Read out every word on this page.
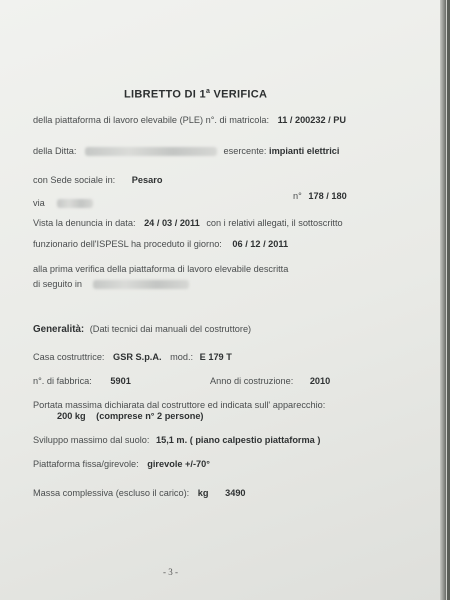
LIBRETTO DI 1$^a$ VERIFICA
della piattaforma di lavoro elevabile (PLE) n°. di matricola: 11 / 200232 / PU
della Ditta:	esercente: impianti elettrici
con Sede sociale in: Pesaro
via
n° 178 / 180
Vista la denuncia in data: 24 / 03 / 2011 con i relativi allegati, il sottoscritto
funzionario dell'ISPESL ha proceduto il giorno: 06 / 12 / 2011
alla prima verifica della piattaforma di lavoro elevabile descritta
di seguito in
Generalità: (Dati tecnici dai manuali del costruttore)
Casa costruttrice: GSR S.p.A. mod.: E 179 T
n°. di fabbrica: 5901	Anno di costruzione: 2010
Portata massima dichiarata dal costruttore ed indicata sull' apparecchio:
200 kg (comprese n° 2 persone)
Sviluppo massimo dal suolo: 15,1 m. ( piano calpestio piattaforma )
Piattaforma fissa/girevole: girevole +/-70°
Massa complessiva (escluso il carico): kg 3490
- 3 -
